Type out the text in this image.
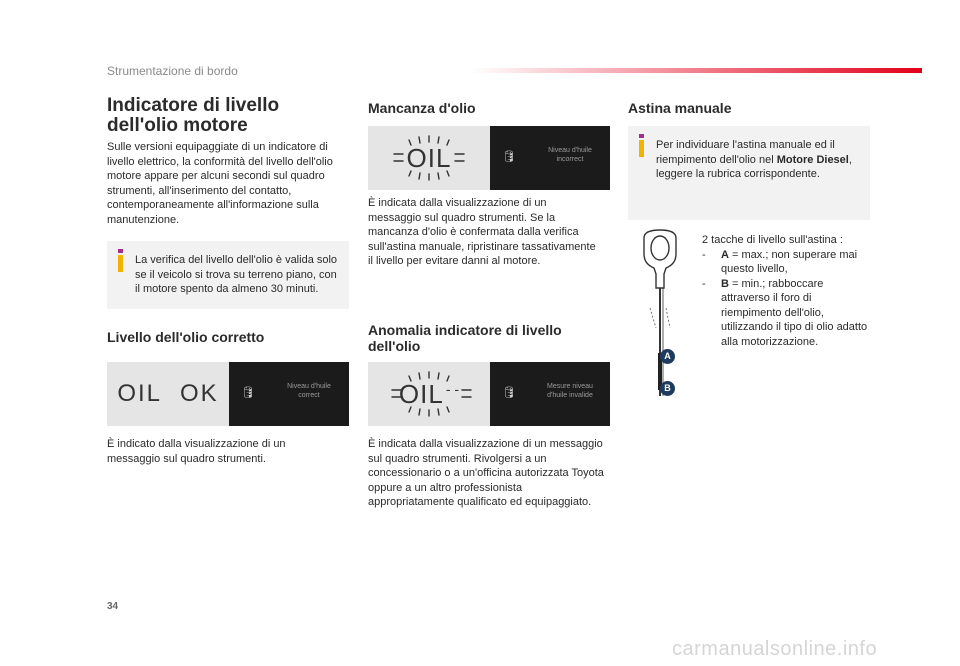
Strumentazione di bordo
Indicatore di livello dell'olio motore

Sulle versioni equipaggiate di un indicatore di livello elettrico, la conformità del livello dell'olio motore appare per alcuni secondi sul quadro strumenti, all'inserimento del contatto, contemporaneamente all'informazione sulla manutenzione.

La verifica del livello dell'olio è valida solo se il veicolo si trova su terreno piano, con il motore spento da almeno 30 minuti.
Livello dell'olio corretto
OIL OK 🛢
Niveau d'huile
correct

È indicato dalla visualizzazione di un messaggio sul quadro strumenti.

Mancanza d'olio
OIL	🛢
Niveau d'huile
incorrect

È indicata dalla visualizzazione di un messaggio sul quadro strumenti. Se la mancanza d'olio è confermata dalla verifica sull'astina manuale, ripristinare tassativamente il livello per evitare danni al motore.

Anomalia indicatore di livello dell'olio
OIL - -	🛢
Mesure niveau
d'huile invalide

È indicata dalla visualizzazione di un messaggio sul quadro strumenti. Rivolgersi a un concessionario o a un'officina autorizzata Toyota oppure a un altro professionista appropriatamente qualificato ed equipaggiato.

Astina manuale
Per individuare l'astina manuale ed il riempimento dell'olio nel Motore Diesel, leggere la rubrica corrispondente.
A
B

2 tacche di livello sull'astina :

- A = max.; non superare mai questo livello,
- B = min.; rabboccare attraverso il foro di riempimento dell'olio, utilizzando il tipo di olio adatto alla motorizzazione.
34
carmanualsonline.info
